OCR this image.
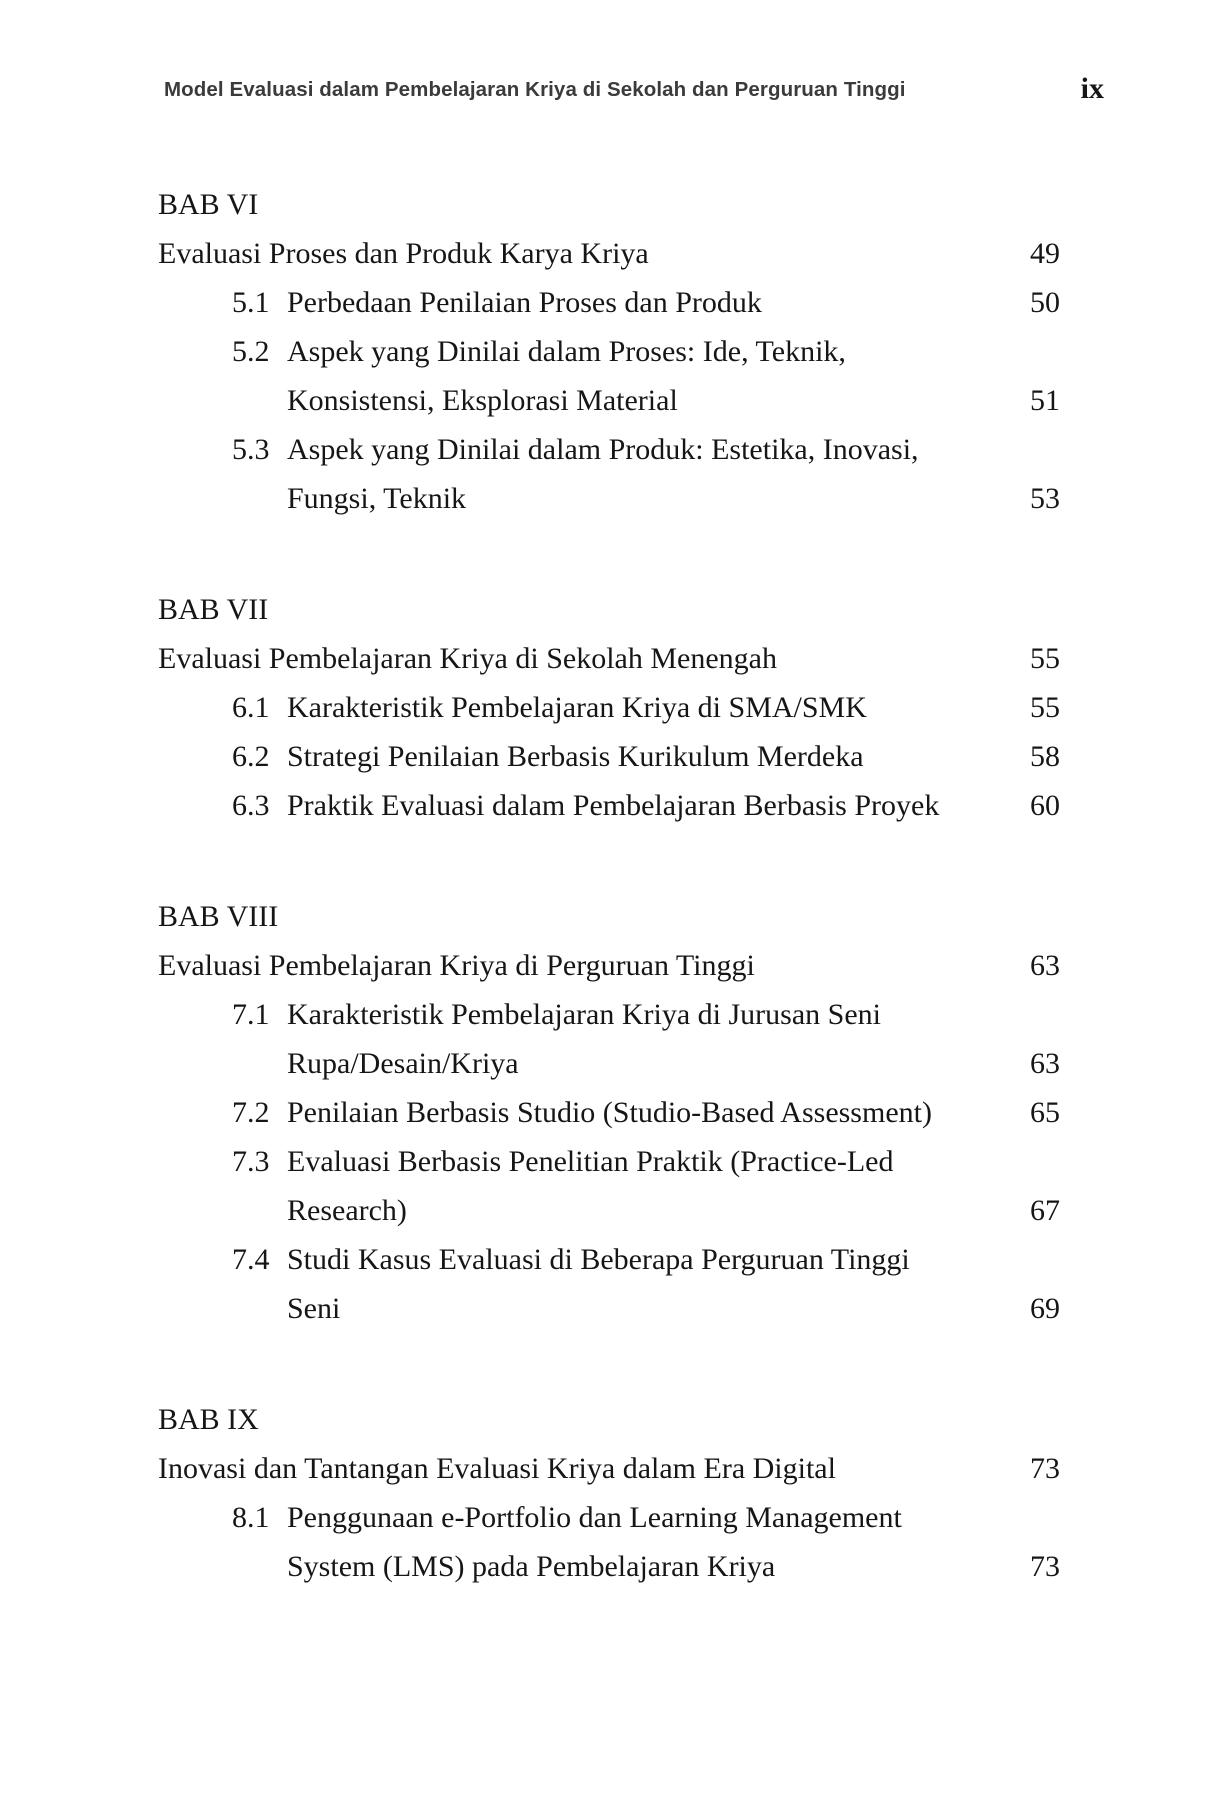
Model Evaluasi dalam Pembelajaran Kriya di Sekolah dan Perguruan Tinggi	ix
BAB VI
Evaluasi Proses dan Produk Karya Kriya	49
5.1 Perbedaan Penilaian Proses dan Produk	50
5.2 Aspek yang Dinilai dalam Proses: Ide, Teknik,
Konsistensi, Eksplorasi Material	51
5.3 Aspek yang Dinilai dalam Produk: Estetika, Inovasi,
Fungsi, Teknik	53
BAB VII
Evaluasi Pembelajaran Kriya di Sekolah Menengah	55
6.1 Karakteristik Pembelajaran Kriya di SMA/SMK	55
6.2 Strategi Penilaian Berbasis Kurikulum Merdeka	58
6.3 Praktik Evaluasi dalam Pembelajaran Berbasis Proyek	60
BAB VIII
Evaluasi Pembelajaran Kriya di Perguruan Tinggi	63
7.1 Karakteristik Pembelajaran Kriya di Jurusan Seni
Rupa/Desain/Kriya	63
7.2 Penilaian Berbasis Studio (Studio-Based Assessment)	65
7.3 Evaluasi Berbasis Penelitian Praktik (Practice-Led
Research)	67
7.4 Studi Kasus Evaluasi di Beberapa Perguruan Tinggi
Seni	69
BAB IX
Inovasi dan Tantangan Evaluasi Kriya dalam Era Digital	73
8.1 Penggunaan e-Portfolio dan Learning Management
System (LMS) pada Pembelajaran Kriya	73
